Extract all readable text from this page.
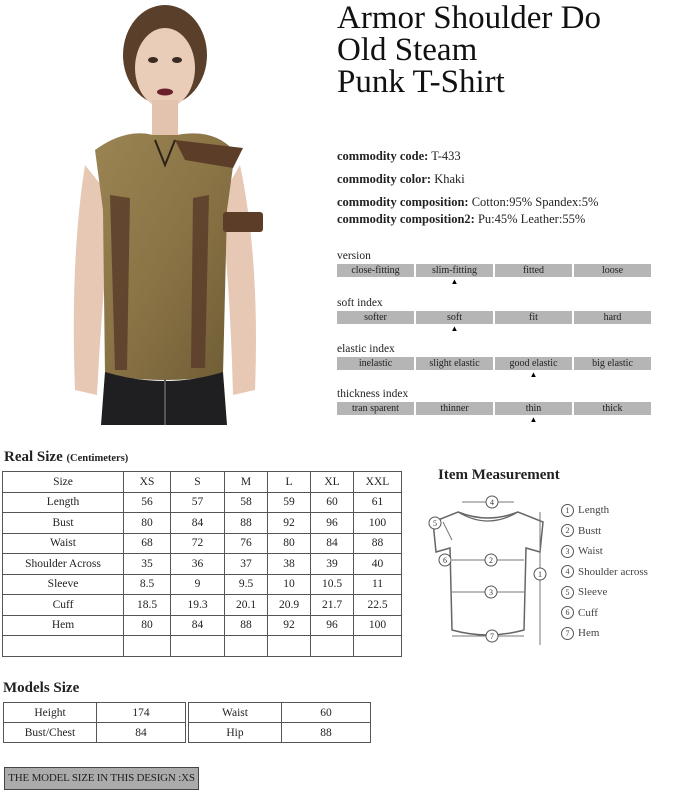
Armor Shoulder Do
Old Steam
Punk T-Shirt
commodity code: T-433
commodity color: Khaki
commodity composition: Cotton:95% Spandex:5%
commodity composition2: Pu:45% Leather:55%
version
close-fitting	slim-fitting	fitted	loose
▲
soft index
softer	soft	fit	hard
▲
elastic index
inelastic	slight elastic	good elastic	big elastic
▲
thickness index
tran sparent	thinner	thin	thick
▲
Real Size (Centimeters)
Size	XS	S	M	L	XL	XXL
Length	56	57	58	59	60	61
Bust	80	84	88	92	96	100
Waist	68	72	76	80	84	88
Shoulder Across	35	36	37	38	39	40
Sleeve	8.5	9	9.5	10	10.5	11
Cuff	18.5	19.3	20.1	20.9	21.7	22.5
Hem	80	84	88	92	96	100

Item Measurement
4
5
6	2
3
7
1
1 Length
2 Bustt
3 Waist
4 Shoulder across
5 Sleeve
6 Cuff
7 Hem
Models Size
Height	174
Bust/Chest	84
Waist	60
Hip	88
THE MODEL SIZE IN THIS DESIGN :XS
